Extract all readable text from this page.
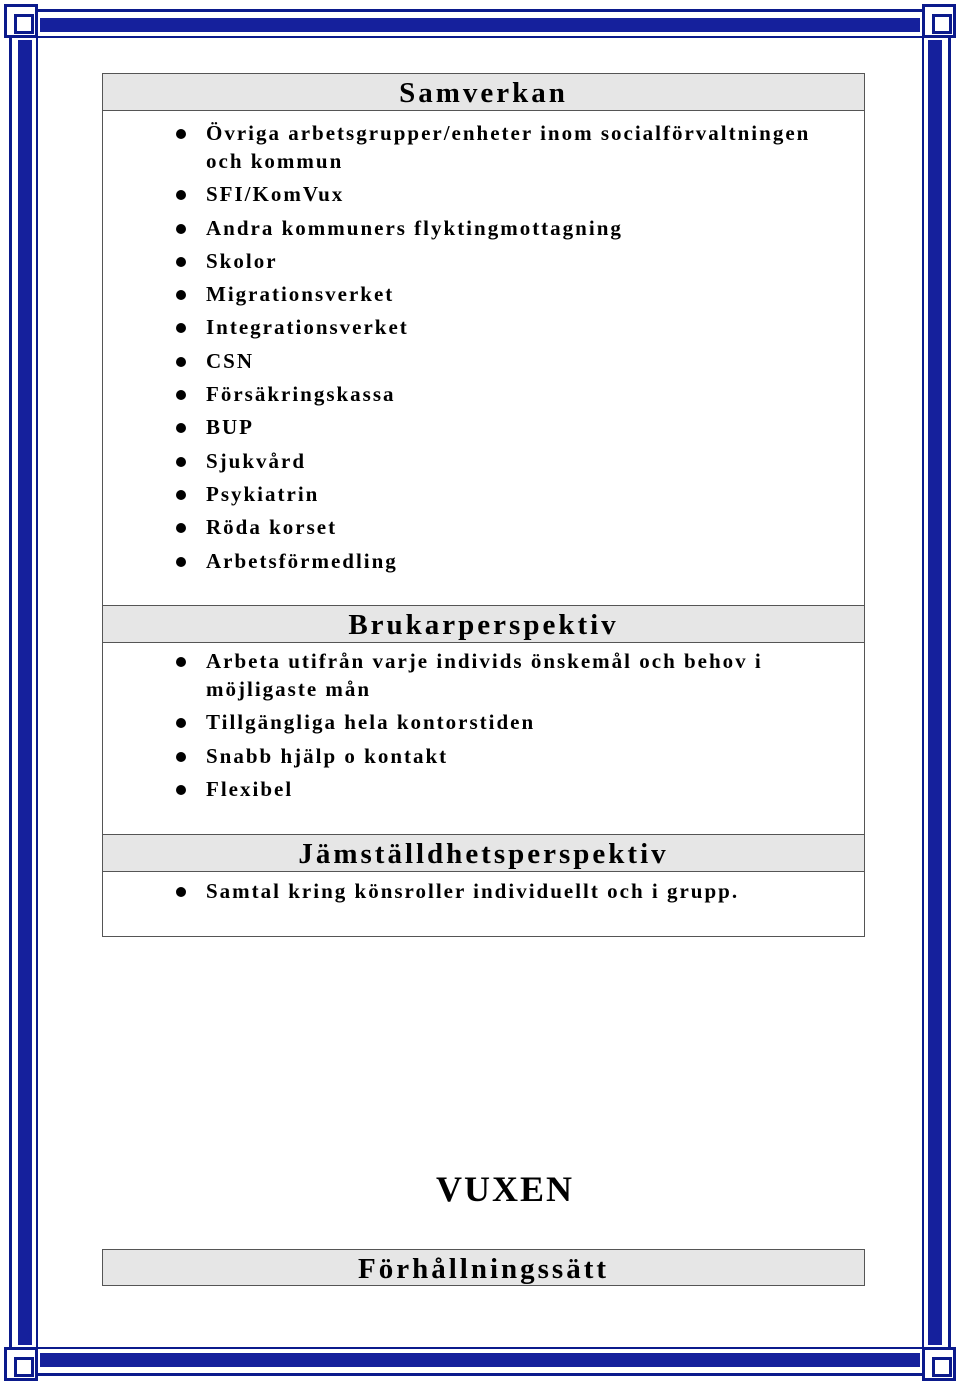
Samverkan
Övriga arbetsgrupper/enheter inom socialförvaltningen och kommun
SFI/KomVux
Andra kommuners flyktingmottagning
Skolor
Migrationsverket
Integrationsverket
CSN
Försäkringskassa
BUP
Sjukvård
Psykiatrin
Röda korset
Arbetsförmedling
Brukarperspektiv
Arbeta utifrån varje individs önskemål och behov i möjligaste mån
Tillgängliga hela kontorstiden
Snabb hjälp o kontakt
Flexibel
Jämställdhetsperspektiv
Samtal kring könsroller individuellt och i grupp.
VUXEN
Förhållningssätt
